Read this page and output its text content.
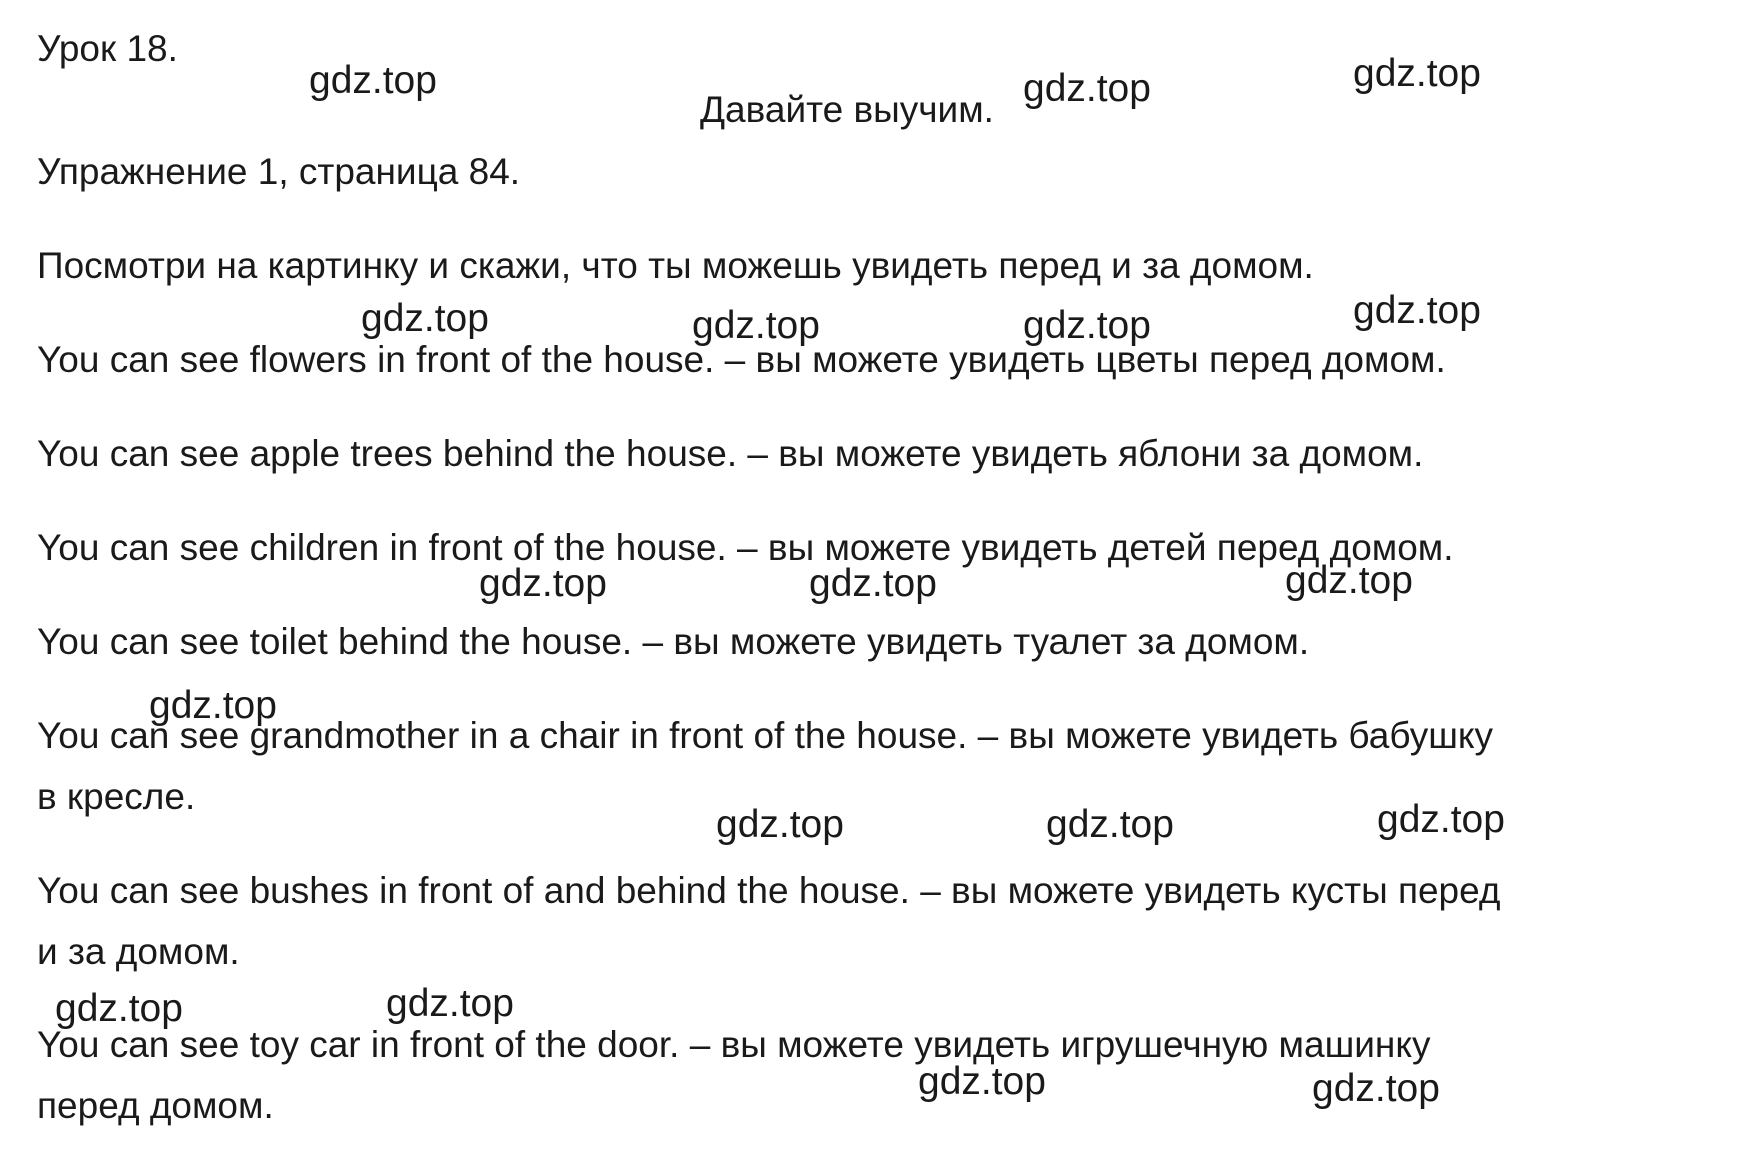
Урок 18.
Давайте выучим.
Упражнение 1, страница 84.
Посмотри на картинку и скажи, что ты можешь увидеть перед и за домом.
You can see flowers in front of the house. – вы можете увидеть цветы перед домом.
You can see apple trees behind the house. – вы можете увидеть яблони за домом.
You can see children in front of the house. – вы можете увидеть детей перед домом.
You can see toilet behind the house. – вы можете увидеть туалет за домом.
You can see grandmother in a chair in front of the house. – вы можете увидеть бабушку
в кресле.
You can see bushes in front of and behind the house. – вы можете увидеть кусты перед
и за домом.
You can see toy car in front of the door. – вы можете увидеть игрушечную машинку
перед домом.
gdz.top	gdz.top	gdz.top
gdz.top	gdz.top	gdz.top	gdz.top
gdz.top	gdz.top	gdz.top
gdz.top
gdz.top	gdz.top	gdz.top
gdz.top	gdz.top
gdz.top	gdz.top
